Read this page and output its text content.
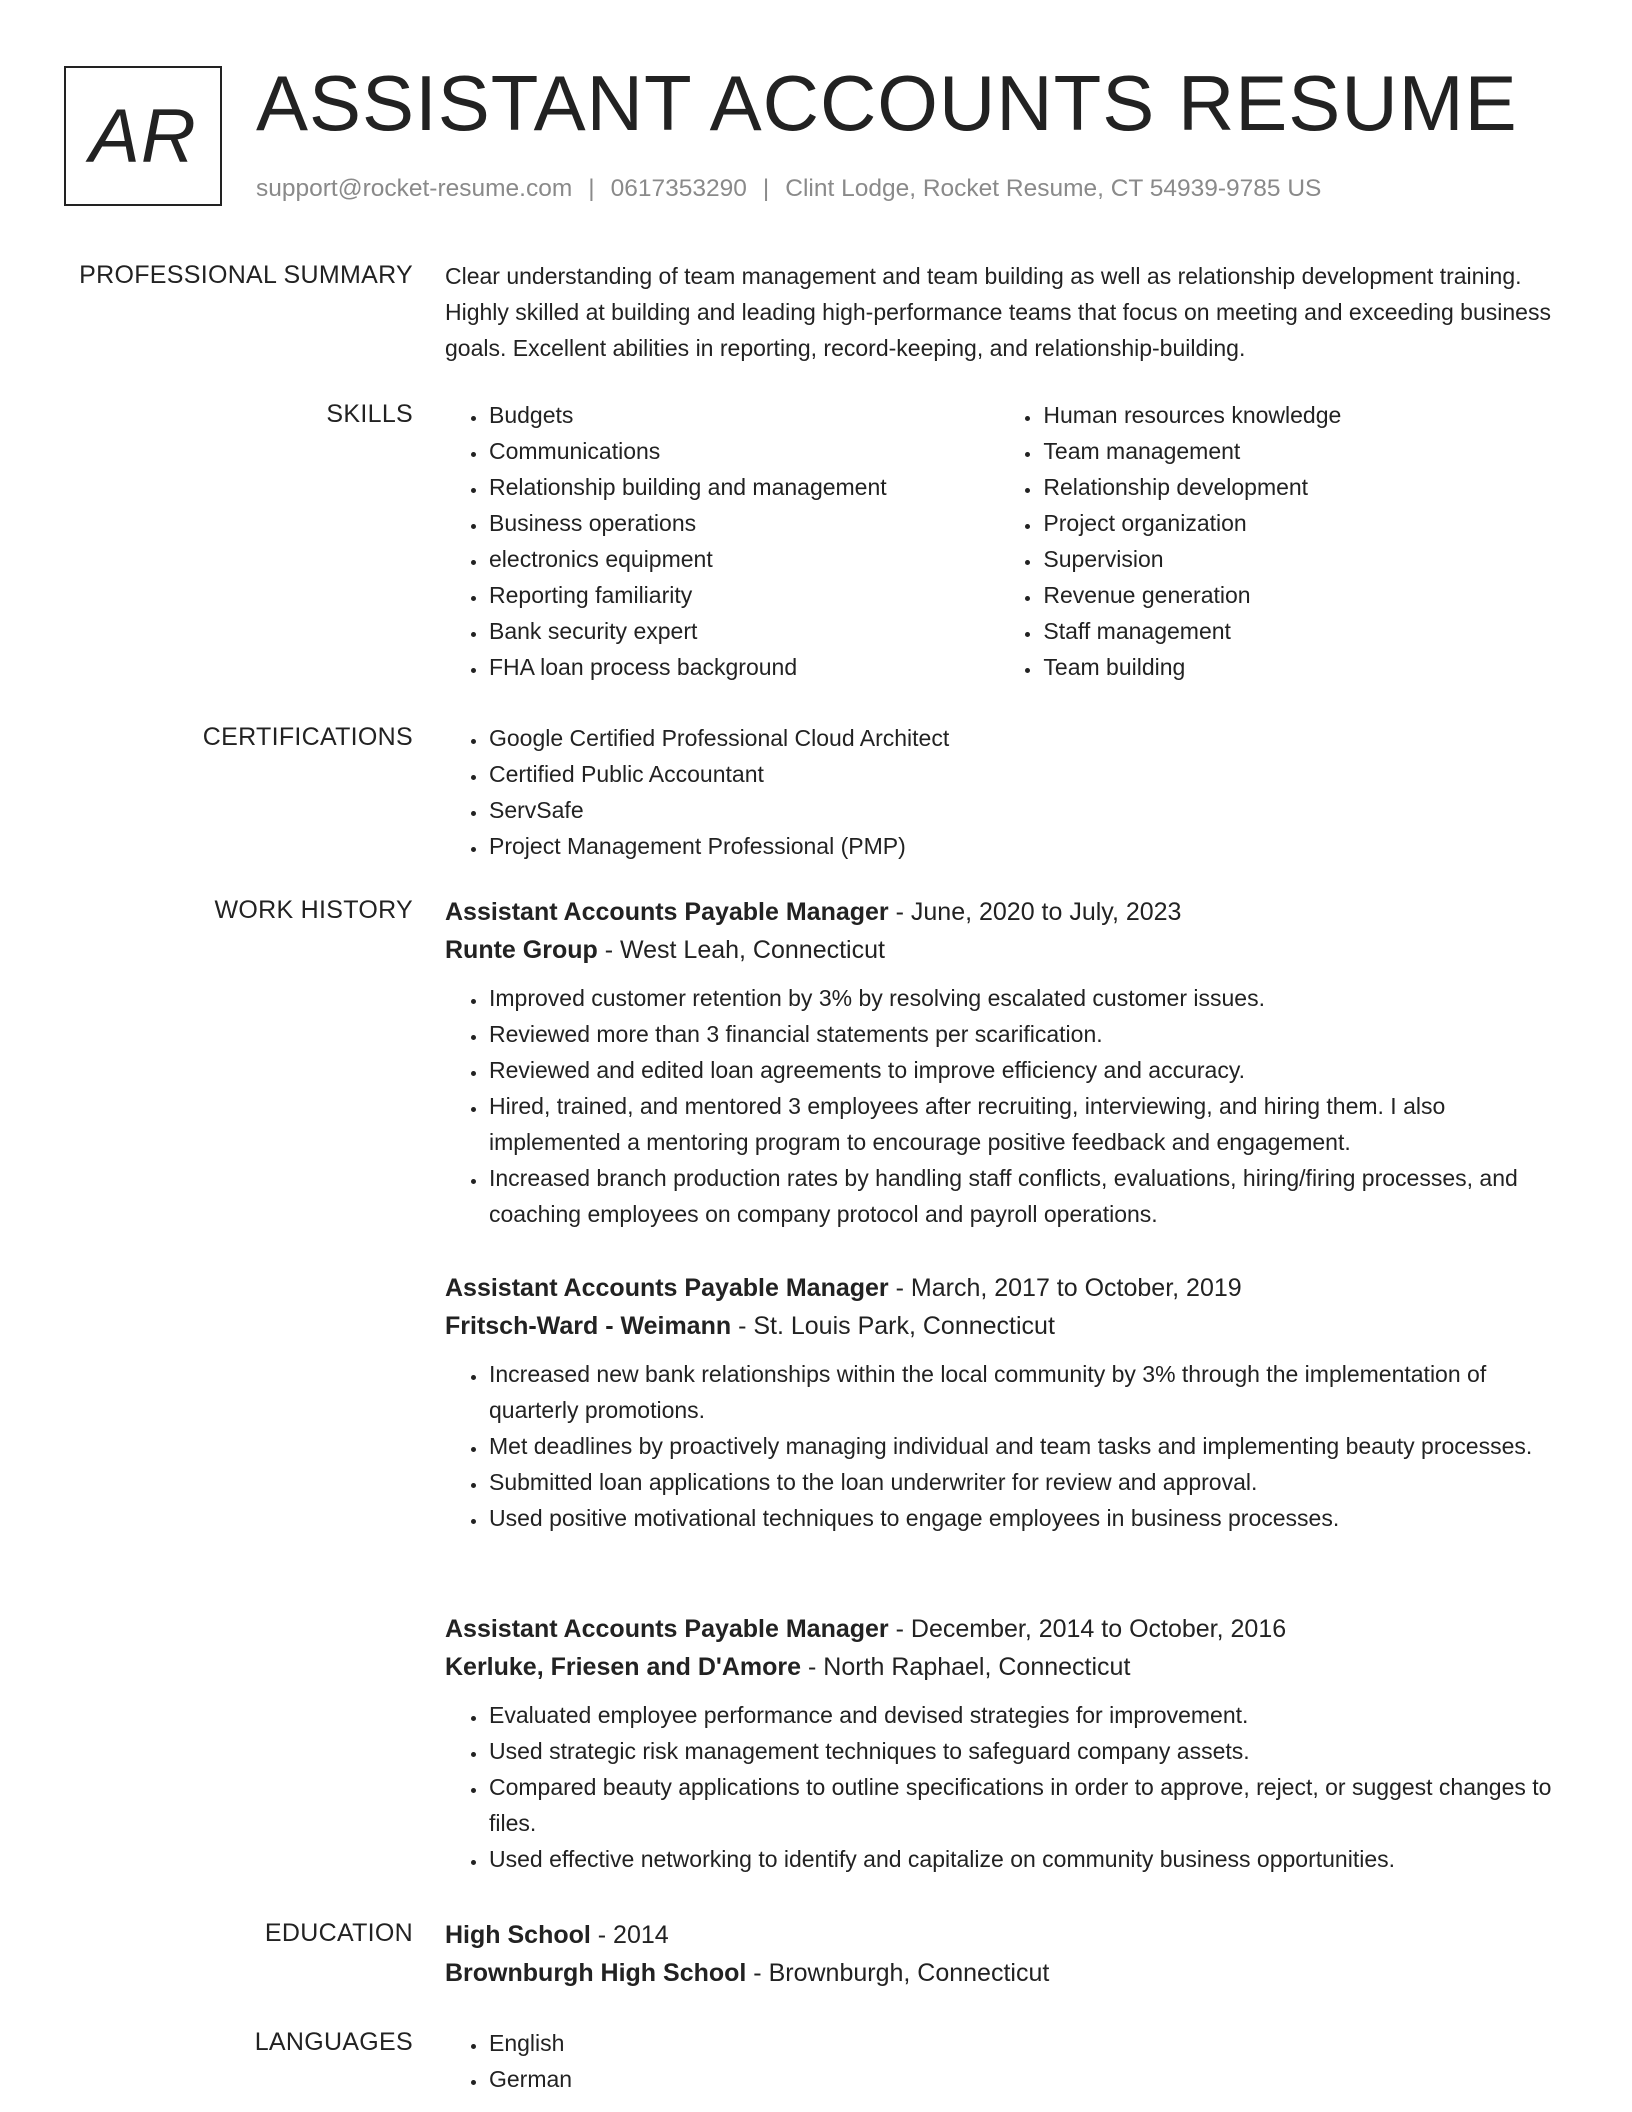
AR ASSISTANT ACCOUNTS RESUME
support@rocket-resume.com | 0617353290 | Clint Lodge, Rocket Resume, CT 54939-9785 US
PROFESSIONAL SUMMARY Clear understanding of team management and team building as well as relationship development training. Highly skilled at building and leading high-performance teams that focus on meeting and exceeding business goals. Excellent abilities in reporting, record-keeping, and relationship-building.

SKILLS	• Budgets
• Communications
• Relationship building and management
• Business operations
• electronics equipment
• Reporting familiarity
• Bank security expert
• FHA loan process background
• Human resources knowledge
• Team management
• Relationship development
• Project organization
• Supervision
• Revenue generation
• Staff management
• Team building
CERTIFICATIONS	• Google Certified Professional Cloud Architect
• Certified Public Accountant
• ServSafe
• Project Management Professional (PMP)
WORK HISTORY Assistant Accounts Payable Manager - June, 2020 to July, 2023
Runte Group - West Leah, Connecticut
• Improved customer retention by 3% by resolving escalated customer issues.
• Reviewed more than 3 financial statements per scarification.
• Reviewed and edited loan agreements to improve efficiency and accuracy.
• Hired, trained, and mentored 3 employees after recruiting, interviewing, and hiring them. I also implemented a mentoring program to encourage positive feedback and engagement.
• Increased branch production rates by handling staff conflicts, evaluations, hiring/firing processes, and coaching employees on company protocol and payroll operations.
Assistant Accounts Payable Manager - March, 2017 to October, 2019
Fritsch-Ward - Weimann - St. Louis Park, Connecticut
• Increased new bank relationships within the local community by 3% through the implementation of quarterly promotions.
• Met deadlines by proactively managing individual and team tasks and implementing beauty processes.
• Submitted loan applications to the loan underwriter for review and approval.
• Used positive motivational techniques to engage employees in business processes.
Assistant Accounts Payable Manager - December, 2014 to October, 2016
Kerluke, Friesen and D'Amore - North Raphael, Connecticut
• Evaluated employee performance and devised strategies for improvement.
• Used strategic risk management techniques to safeguard company assets.
• Compared beauty applications to outline specifications in order to approve, reject, or suggest changes to files.
• Used effective networking to identify and capitalize on community business opportunities.
EDUCATION High School - 2014
Brownburgh High School - Brownburgh, Connecticut
LANGUAGES	• English
• German
